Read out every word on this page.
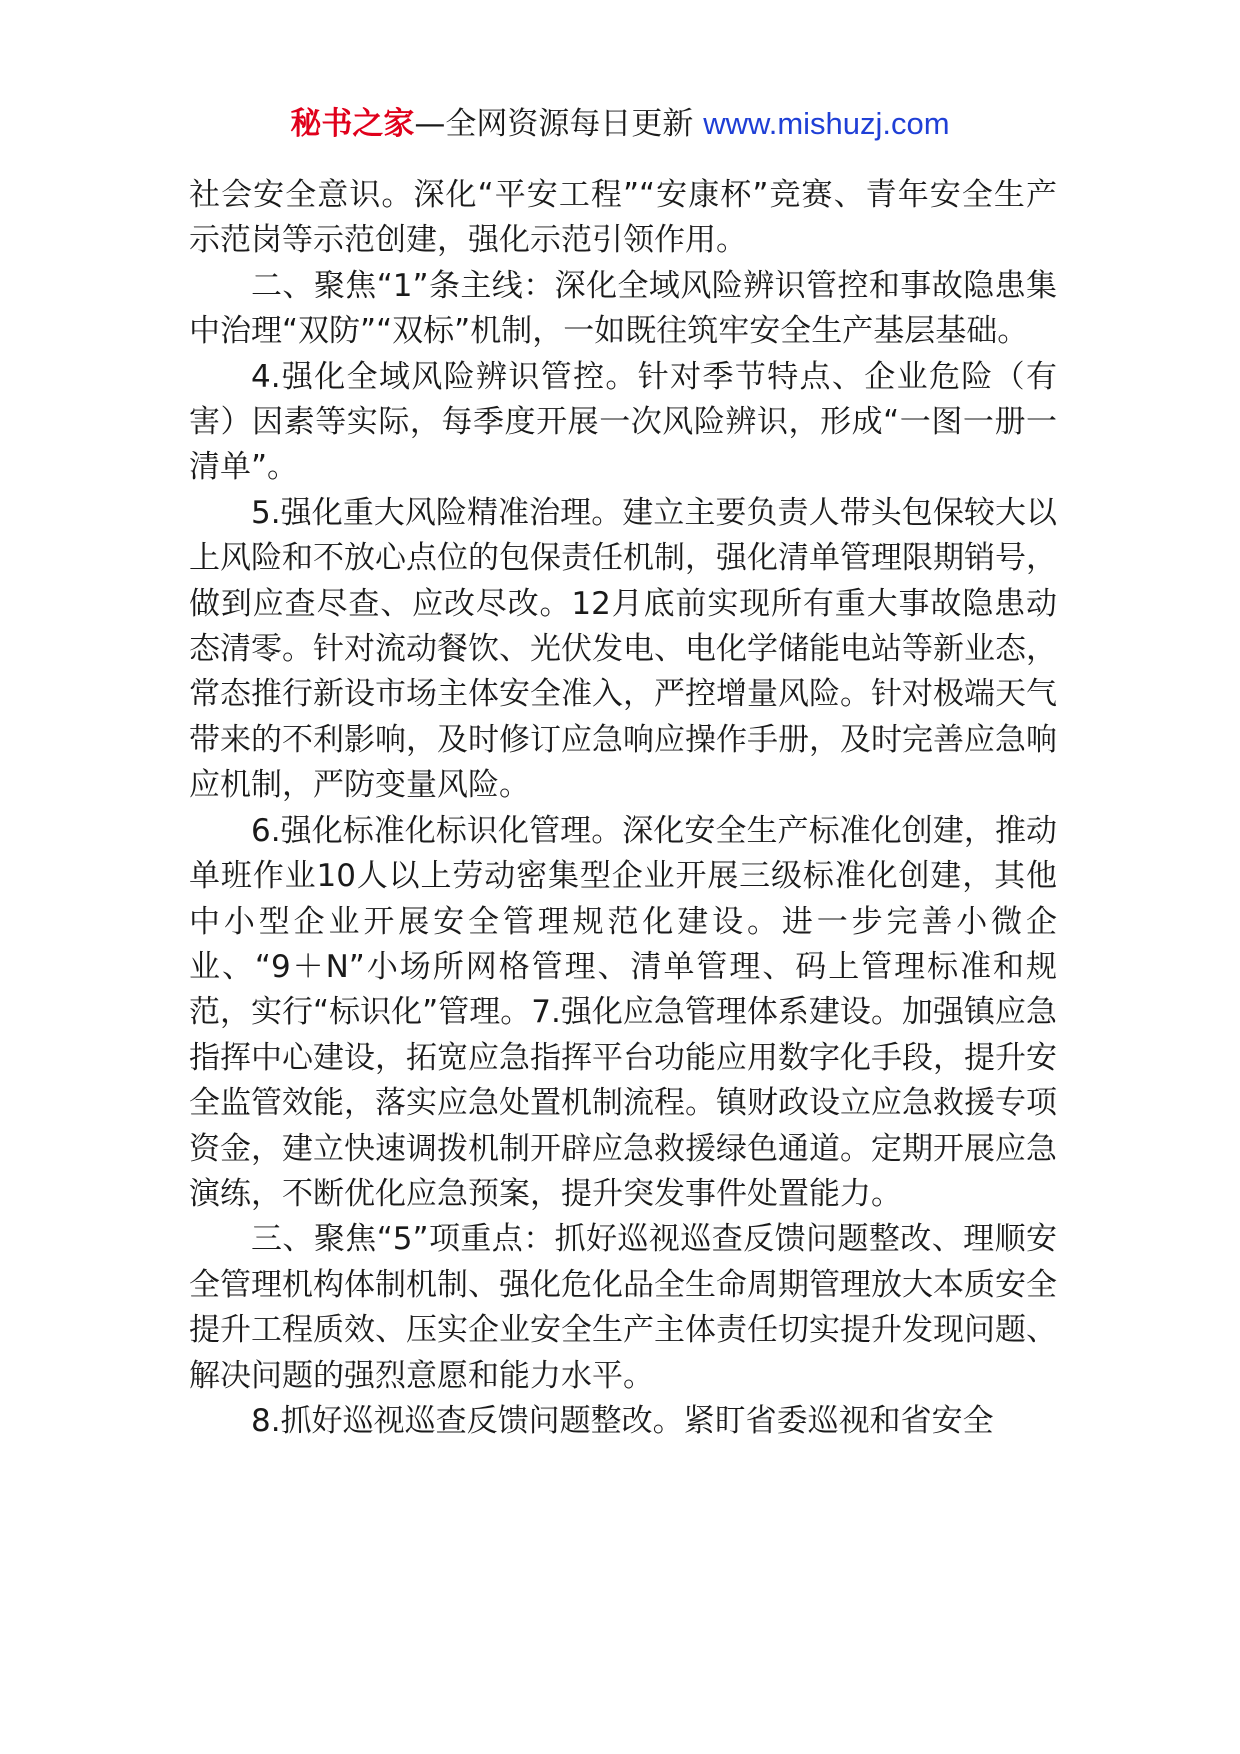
秘书之家—全网资源每日更新 www.mishuzj.com

社会安全意识。深化“平安工程”“安康杯”竞赛、青年安全生产示范岗等示范创建，强化示范引领作用。

二、聚焦“1”条主线：深化全域风险辨识管控和事故隐患集中治理“双防”“双标”机制，一如既往筑牢安全生产基层基础。

4.强化全域风险辨识管控。针对季节特点、企业危险（有害）因素等实际，每季度开展一次风险辨识，形成“一图一册一清单”。

5.强化重大风险精准治理。建立主要负责人带头包保较大以上风险和不放心点位的包保责任机制，强化清单管理限期销号，做到应查尽查、应改尽改。12月底前实现所有重大事故隐患动态清零。针对流动餐饮、光伏发电、电化学储能电站等新业态，常态推行新设市场主体安全准入，严控增量风险。针对极端天气带来的不利影响，及时修订应急响应操作手册，及时完善应急响应机制，严防变量风险。

6.强化标准化标识化管理。深化安全生产标准化创建，推动单班作业10人以上劳动密集型企业开展三级标准化创建，其他中小型企业开展安全管理规范化建设。进一步完善小微企业、“9＋N”小场所网格管理、清单管理、码上管理标准和规范，实行“标识化”管理。7.强化应急管理体系建设。加强镇应急指挥中心建设，拓宽应急指挥平台功能应用数字化手段，提升安全监管效能，落实应急处置机制流程。镇财政设立应急救援专项资金，建立快速调拨机制开辟应急救援绿色通道。定期开展应急演练，不断优化应急预案，提升突发事件处置能力。

三、聚焦“5”项重点：抓好巡视巡查反馈问题整改、理顺安全管理机构体制机制、强化危化品全生命周期管理放大本质安全提升工程质效、压实企业安全生产主体责任切实提升发现问题、解决问题的强烈意愿和能力水平。

8.抓好巡视巡查反馈问题整改。紧盯省委巡视和省安全
